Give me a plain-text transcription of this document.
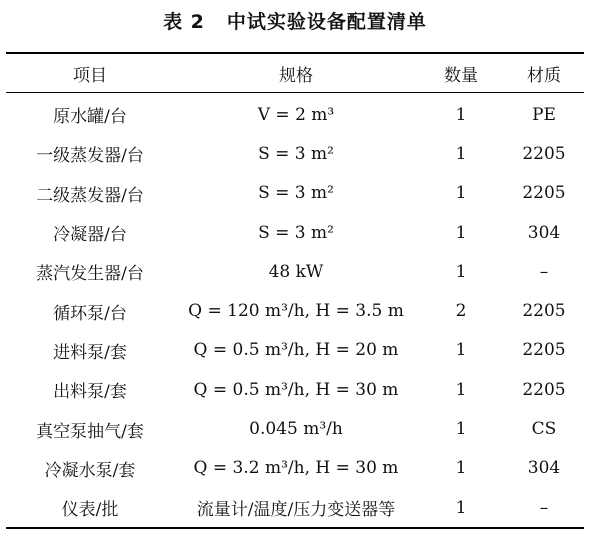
表 2 中试实验设备配置清单
项目	规格	数量	材质
原水罐/台	V = 2 m³	1	PE
一级蒸发器/台	S = 3 m²	1	2205
二级蒸发器/台	S = 3 m²	1	2205
冷凝器/台	S = 3 m²	1	304
蒸汽发生器/台	48 kW	1	–
循环泵/台	Q = 120 m³/h, H = 3.5 m	2	2205
进料泵/套	Q = 0.5 m³/h, H = 20 m	1	2205
出料泵/套	Q = 0.5 m³/h, H = 30 m	1	2205
真空泵抽气/套	0.045 m³/h	1	CS
冷凝水泵/套	Q = 3.2 m³/h, H = 30 m	1	304
仪表/批	流量计/温度/压力变送器等	1	–
